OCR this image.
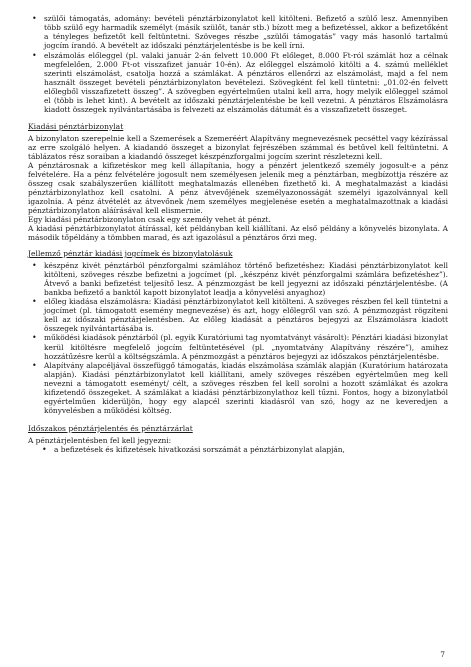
• szülői támogatás, adomány: bevételi pénztárbizonylatot kell kitölteni. Befizető a szülő lesz. Amennyiben több szülő egy harmadik személyt (másik szülőt, tanár stb.) bízott meg a befizetéssel, akkor a befizetőként a tényleges befizetőt kell feltüntetni. Szöveges részbe „szülői támogatás” vagy más hasonló tartalmú jogcím írandó. A bevételt az időszaki pénztárjelentésbe is be kell írni.
• elszámolás előleggel (pl. valaki január 2-án felvett 10.000 Ft előleget, 8.000 Ft-ról számlát hoz a célnak megfelelően, 2.000 Ft-ot visszafizet január 10-én). Az előleggel elszámoló kitölti a 4. számú melléklet szerinti elszámolást, csatolja hozzá a számlákat. A pénztáros ellenőrzi az elszámolást, majd a fel nem használt összeget bevételi pénztárbizonylaton bevételezi. Szövegként fel kell tüntetni: „01.02-én felvett előlegből visszafizetett összeg”. A szövegben egyértelműen utalni kell arra, hogy melyik előleggel számol el (több is lehet kint). A bevételt az időszaki pénztárjelentésbe be kell vezetni. A pénztáros Elszámolásra kiadott összegek nyilvántartásába is felvezeti az elszámolás dátumát és a visszafizetett összeget.
Kiadási pénztárbizonylat

A bizonylaton szerepelnie kell a Szemerések a Szemeréért Alapítvány megnevezésnek pecséttel vagy kézírással az erre szolgáló helyen. A kiadandó összeget a bizonylat fejrészében számmal és betűvel kell feltüntetni. A táblázatos rész soraiban a kiadandó összeget készpénzforgalmi jogcím szerint részletezni kell.

A pénztárosnak a kifizetéskor meg kell állapítania, hogy a pénzért jelentkező személy jogosult-e a pénz felvételére. Ha a pénz felvételére jogosult nem személyesen jelenik meg a pénztárban, megbízottja részére az összeg csak szabályszerűen kiállított meghatalmazás ellenében fizethető ki. A meghatalmazást a kiadási pénztárbizonylathoz kell csatolni. A pénz átvevőjének személyazonosságát személyi igazolvánnyal kell igazolnia. A pénz átvételét az átvevőnek /nem személyes megjelenése esetén a meghatalmazottnak a kiadási pénztárbizonylaton aláírásával kell elismernie.

Egy kiadási pénztárbizonylaton csak egy személy vehet át pénzt.

A kiadási pénztárbizonylatot átírással, két példányban kell kiállítani. Az első példány a könyvelés bizonylata. A második tőpéldány a tömbben marad, és azt igazolásul a pénztáros őrzi meg.

Jellemző pénztár kiadási jogcímek és bizonylatolásuk
• készpénz kivét pénztárból pénzforgalmi számlához történő befizetéshez: Kiadási pénztárbizonylatot kell kitölteni, szöveges részbe befizetni a jogcímet (pl. „készpénz kivét pénzforgalmi számlára befizetéshez”). Átvevő a banki befizetést teljesítő lesz. A pénzmozgást be kell jegyezni az időszaki pénztárjelentésbe. (A bankba befizető a banktól kapott bizonylatot leadja a könyvelési anyaghoz)
• előleg kiadása elszámolásra: Kiadási pénztárbizonylatot kell kitölteni. A szöveges részben fel kell tüntetni a jogcímet (pl. támogatott esemény megnevezése) és azt, hogy előlegről van szó. A pénzmozgást rögzíteni kell az időszaki pénztárjelentésben. Az előleg kiadását a pénztáros bejegyzi az Elszámolásra kiadott összegek nyilvántartásába is.
• működési kiadások pénztárból (pl. egyik Kuratóriumi tag nyomtatványt vásárolt): Pénztári kiadási bizonylat kerül kitöltésre megfelelő jogcím feltüntetésével (pl. „nyomtatvány Alapítvány részére”), amihez hozzátűzésre kerül a költségszámla. A pénzmozgást a pénztáros bejegyzi az időszakos pénztárjelentésbe.
• Alapítvány alapcéljával összefüggő támogatás, kiadás elszámolása számlák alapján (Kuratórium határozata alapján). Kiadási pénztárbizonylatot kell kiállítani, amely szöveges részében egyértelműen meg kell nevezni a támogatott eseményt/ célt, a szöveges részben fel kell sorolni a hozott számlákat és azokra kifizetendő összegeket. A számlákat a kiadási pénztárbizonylathoz kell tűzni. Fontos, hogy a bizonylatból egyértelműen kiderüljön, hogy egy alapcél szerinti kiadásról van szó, hogy az ne keveredjen a könyvelésben a működési költség.
Időszakos pénztárjelentés és pénztárzárlat

A pénztárjelentésben fel kell jegyezni:

• a befizetések és kifizetések hivatkozási sorszámát a pénztárbizonylat alapján,
7
